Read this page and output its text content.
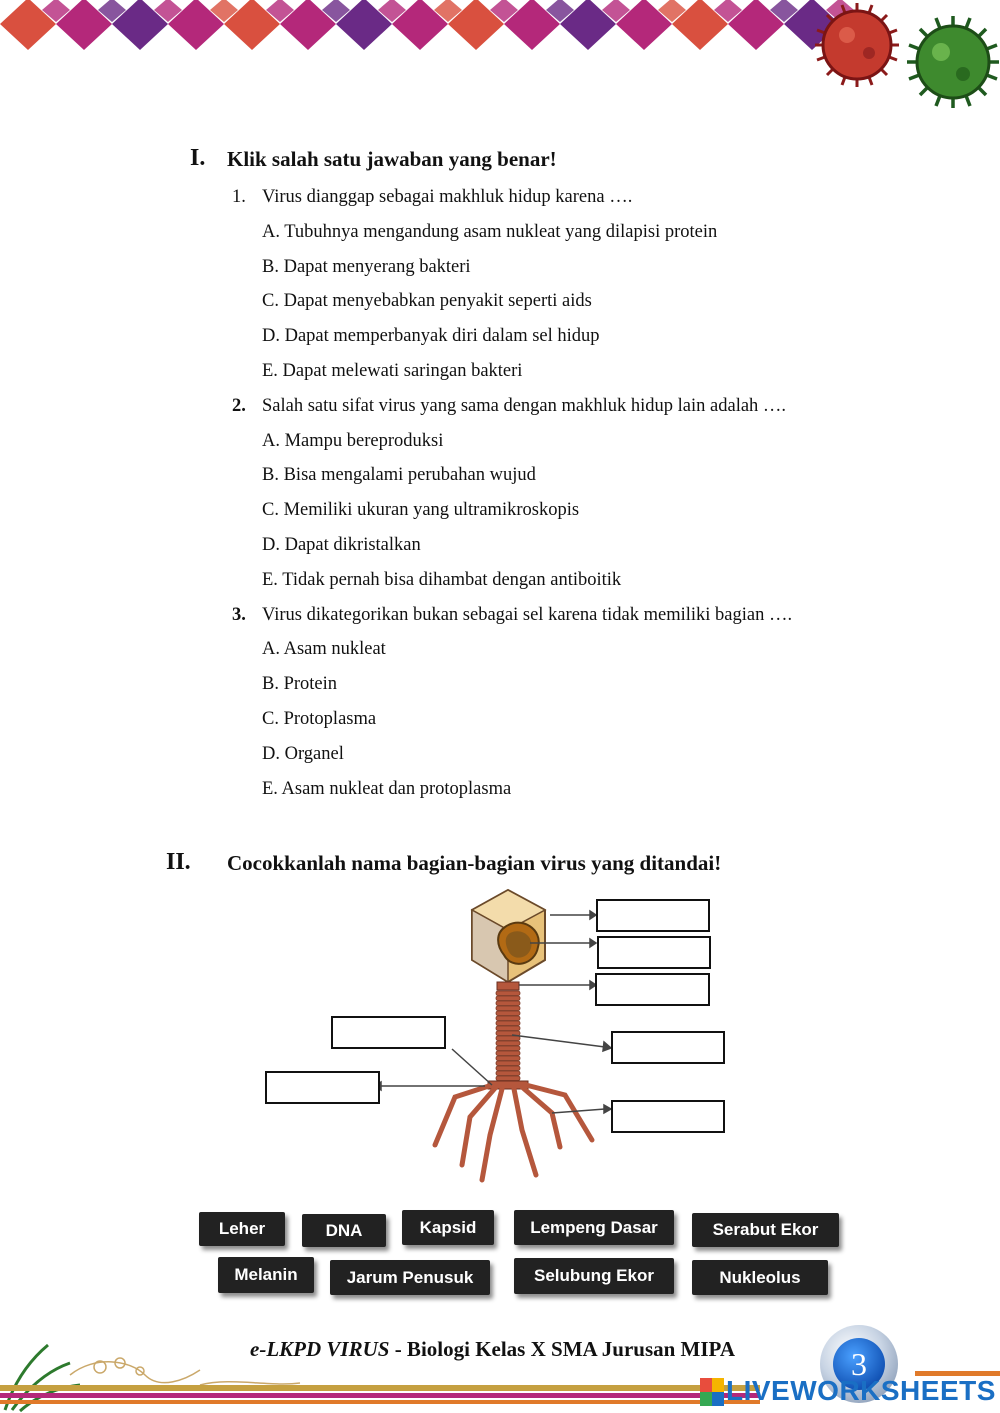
I. Klik salah satu jawaban yang benar!
1. Virus dianggap sebagai makhluk hidup karena ….
A. Tubuhnya mengandung asam nukleat yang dilapisi protein
B. Dapat menyerang bakteri
C. Dapat menyebabkan penyakit seperti aids
D. Dapat memperbanyak diri dalam sel hidup
E. Dapat melewati saringan bakteri
2. Salah satu sifat virus yang sama dengan makhluk hidup lain adalah ….
A. Mampu bereproduksi
B. Bisa mengalami perubahan wujud
C. Memiliki ukuran yang ultramikroskopis
D. Dapat dikristalkan
E. Tidak pernah bisa dihambat dengan antiboitik
3. Virus dikategorikan bukan sebagai sel karena tidak memiliki bagian ….
A. Asam nukleat
B. Protein
C. Protoplasma
D. Organel
E. Asam nukleat dan protoplasma
II. Cocokkanlah nama bagian-bagian virus yang ditandai!
Leher	DNA	Kapsid	Lempeng Dasar	Serabut Ekor
Melanin	Jarum Penusuk	Selubung Ekor	Nukleolus
e-LKPD VIRUS - Biologi Kelas X SMA Jurusan MIPA	3
LIVEWORKSHEETS
